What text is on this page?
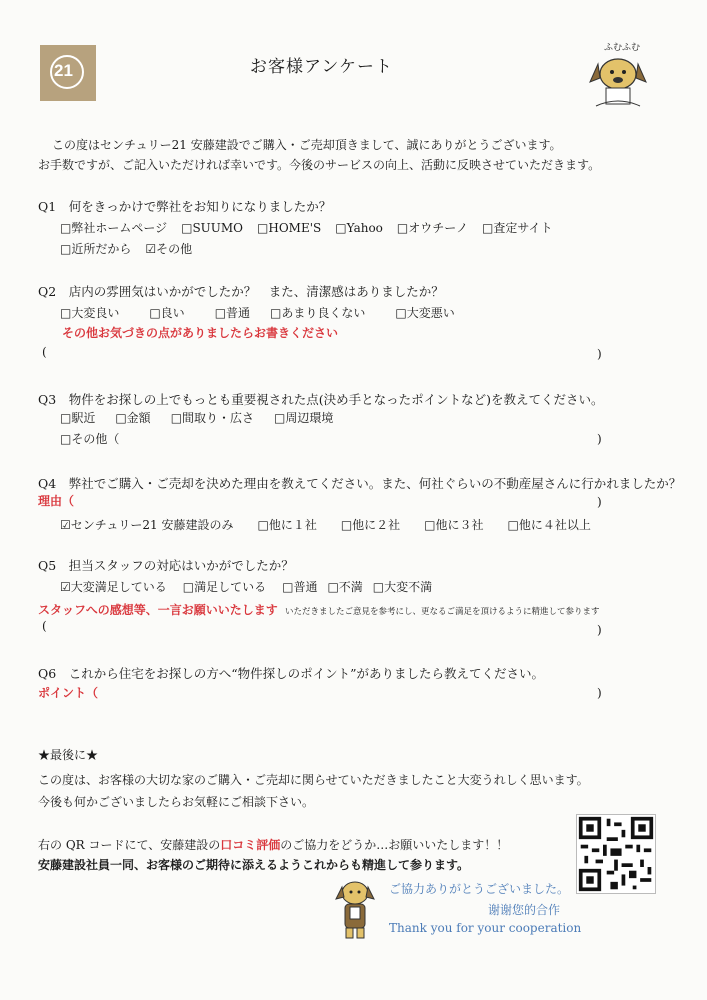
21	お客様アンケート
ふむふむ
この度はセンチュリー21 安藤建設でご購入・ご売却頂きまして、誠にありがとうございます。
お手数ですが、ご記入いただければ幸いです。今後のサービスの向上、活動に反映させていただきます。
Q1　 何をきっかけで弊社をお知りになりましたか？
□弊社ホームページ □SUUMO □HOME'S □Yahoo □オウチーノ □査定サイト
□近所だから ☑その他
Q2　 店内の雰囲気はいかがでしたか？　また、清潔感はありましたか？
□大変良い	□良い	□普通 □あまり良くない	□大変悪い
その他お気づきの点がありましたらお書きください
(	)
Q3　 物件をお探しの上でもっとも重要視された点(決め手となったポイントなど)を教えてください。
□駅近 □金額 □間取り・広さ □周辺環境
□その他（	)
Q4　 弊社でご購入・ご売却を決めた理由を教えてください。また、何社ぐらいの不動産屋さんに行かれましたか？
理由（	)
☑センチュリー21 安藤建設のみ □他に１社 □他に２社 □他に３社 □他に４社以上
Q5　 担当スタッフの対応はいかがでしたか？
☑大変満足している □満足している □普通 □不満 □大変不満
スタッフへの感想等、一言お願いいたします いただきましたご意見を参考にし、更なるご満足を頂けるように精進して参ります
(	)
Q6　 これから住宅をお探しの方へ“物件探しのポイント”がありましたら教えてください。
ポイント（	)
★最後に★
この度は、お客様の大切な家のご購入・ご売却に関らせていただきましたこと大変うれしく思います。
今後も何かございましたらお気軽にご相談下さい。
右の QR コードにて、安藤建設の口コミ評価のご協力をどうか…お願いいたします！！
安藤建設社員一同、お客様のご期待に添えるようこれからも精進して参ります。
ご協力ありがとうございました。
谢谢您的合作
Thank you for your cooperation
